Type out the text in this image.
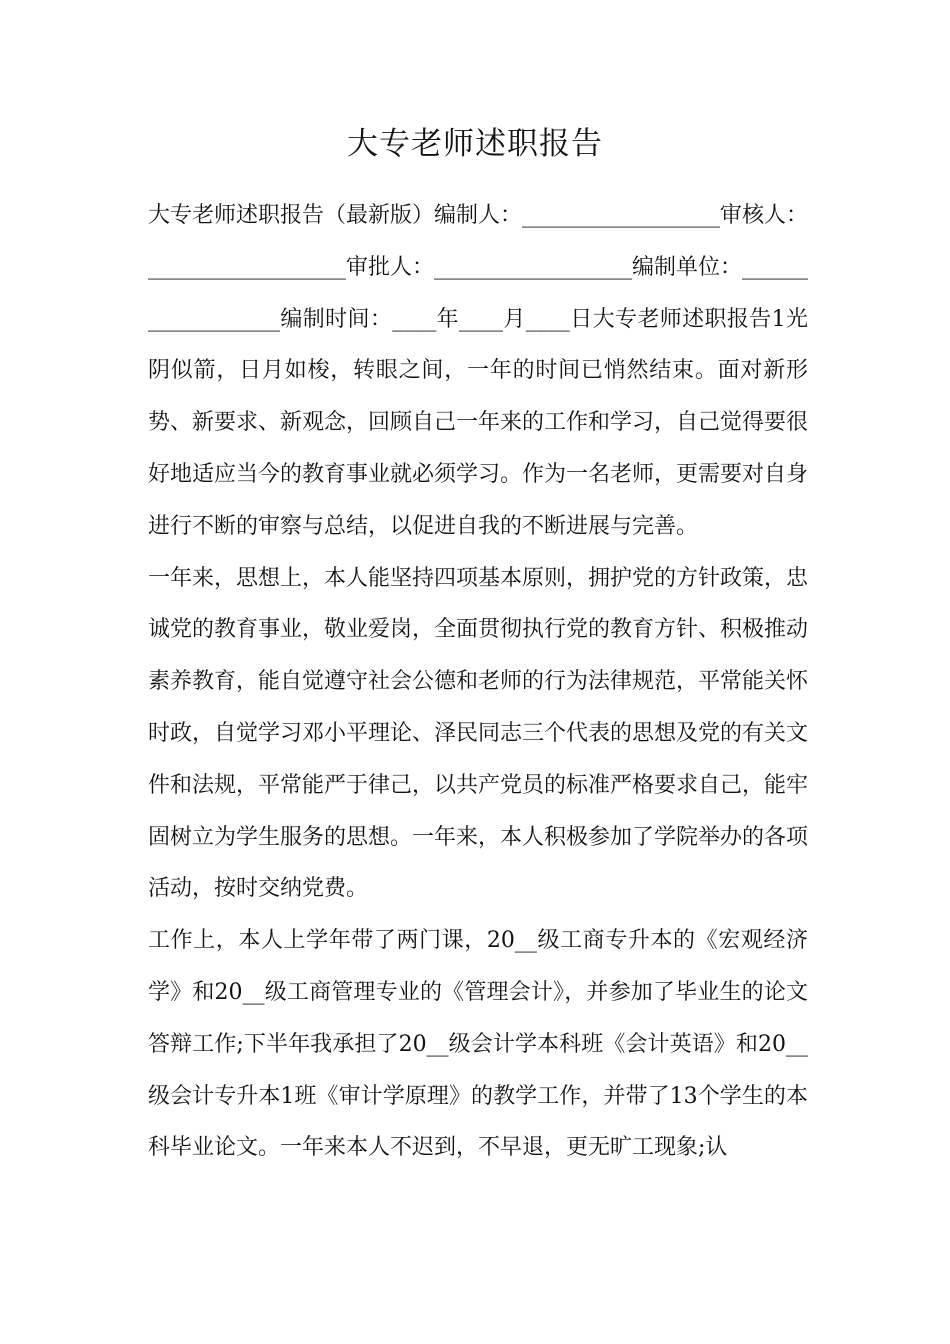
大专老师述职报告

大专老师述职报告（最新版）编制人：__________________审核人：__________________审批人：__________________编制单位：__________________编制时间：____年____月____日大专老师述职报告1光阴似箭，日月如梭，转眼之间，一年的时间已悄然结束。面对新形势、新要求、新观念，回顾自己一年来的工作和学习，自己觉得要很好地适应当今的教育事业就必须学习。作为一名老师，更需要对自身进行不断的审察与总结，以促进自我的不断进展与完善。

一年来，思想上，本人能坚持四项基本原则，拥护党的方针政策，忠诚党的教育事业，敬业爱岗，全面贯彻执行党的教育方针、积极推动素养教育，能自觉遵守社会公德和老师的行为法律规范，平常能关怀时政，自觉学习邓小平理论、泽民同志三个代表的思想及党的有关文件和法规，平常能严于律己，以共产党员的标准严格要求自己，能牢固树立为学生服务的思想。一年来，本人积极参加了学院举办的各项活动，按时交纳党费。

工作上，本人上学年带了两门课，20__级工商专升本的《宏观经济学》和20__级工商管理专业的《管理会计》，并参加了毕业生的论文答辩工作;下半年我承担了20__级会计学本科班《会计英语》和20__级会计专升本1班《审计学原理》的教学工作，并带了13个学生的本科毕业论文。一年来本人不迟到，不早退，更无旷工现象;认
